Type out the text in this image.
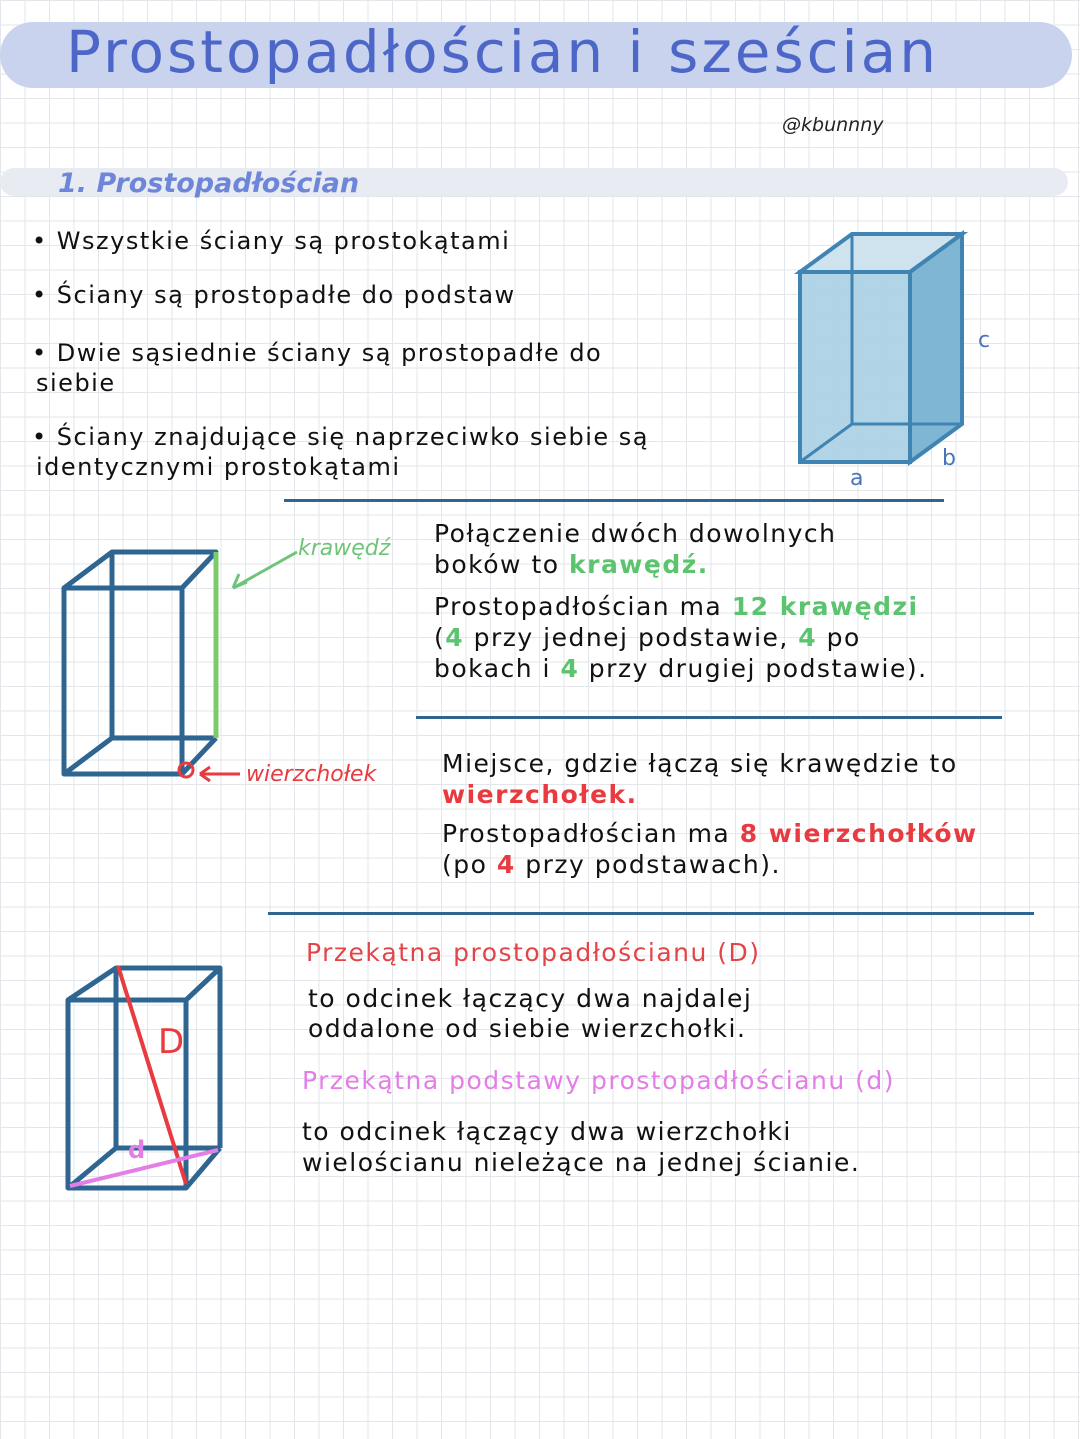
Prostopadłościan i sześcian
@kbunnny
1. Prostopadłościan
• Wszystkie ściany są prostokątami
• Ściany są prostopadłe do podstaw
• Dwie sąsiednie ściany są prostopadłe do
siebie
• Ściany znajdujące się naprzeciwko siebie są
identycznymi prostokątami
c
b
a
krawędź
wierzchołek
Połączenie dwóch dowolnych
boków to krawędź.
Prostopadłościan ma 12 krawędzi
(4 przy jednej podstawie, 4 po
bokach i 4 przy drugiej podstawie).
Miejsce, gdzie łączą się krawędzie to
wierzchołek.
Prostopadłościan ma 8 wierzchołków
(po 4 przy podstawach).
D
d
Przekątna prostopadłościanu (D)
to odcinek łączący dwa najdalej
oddalone od siebie wierzchołki.
Przekątna podstawy prostopadłościanu (d)
to odcinek łączący dwa wierzchołki
wielościanu nieleżące na jednej ścianie.
